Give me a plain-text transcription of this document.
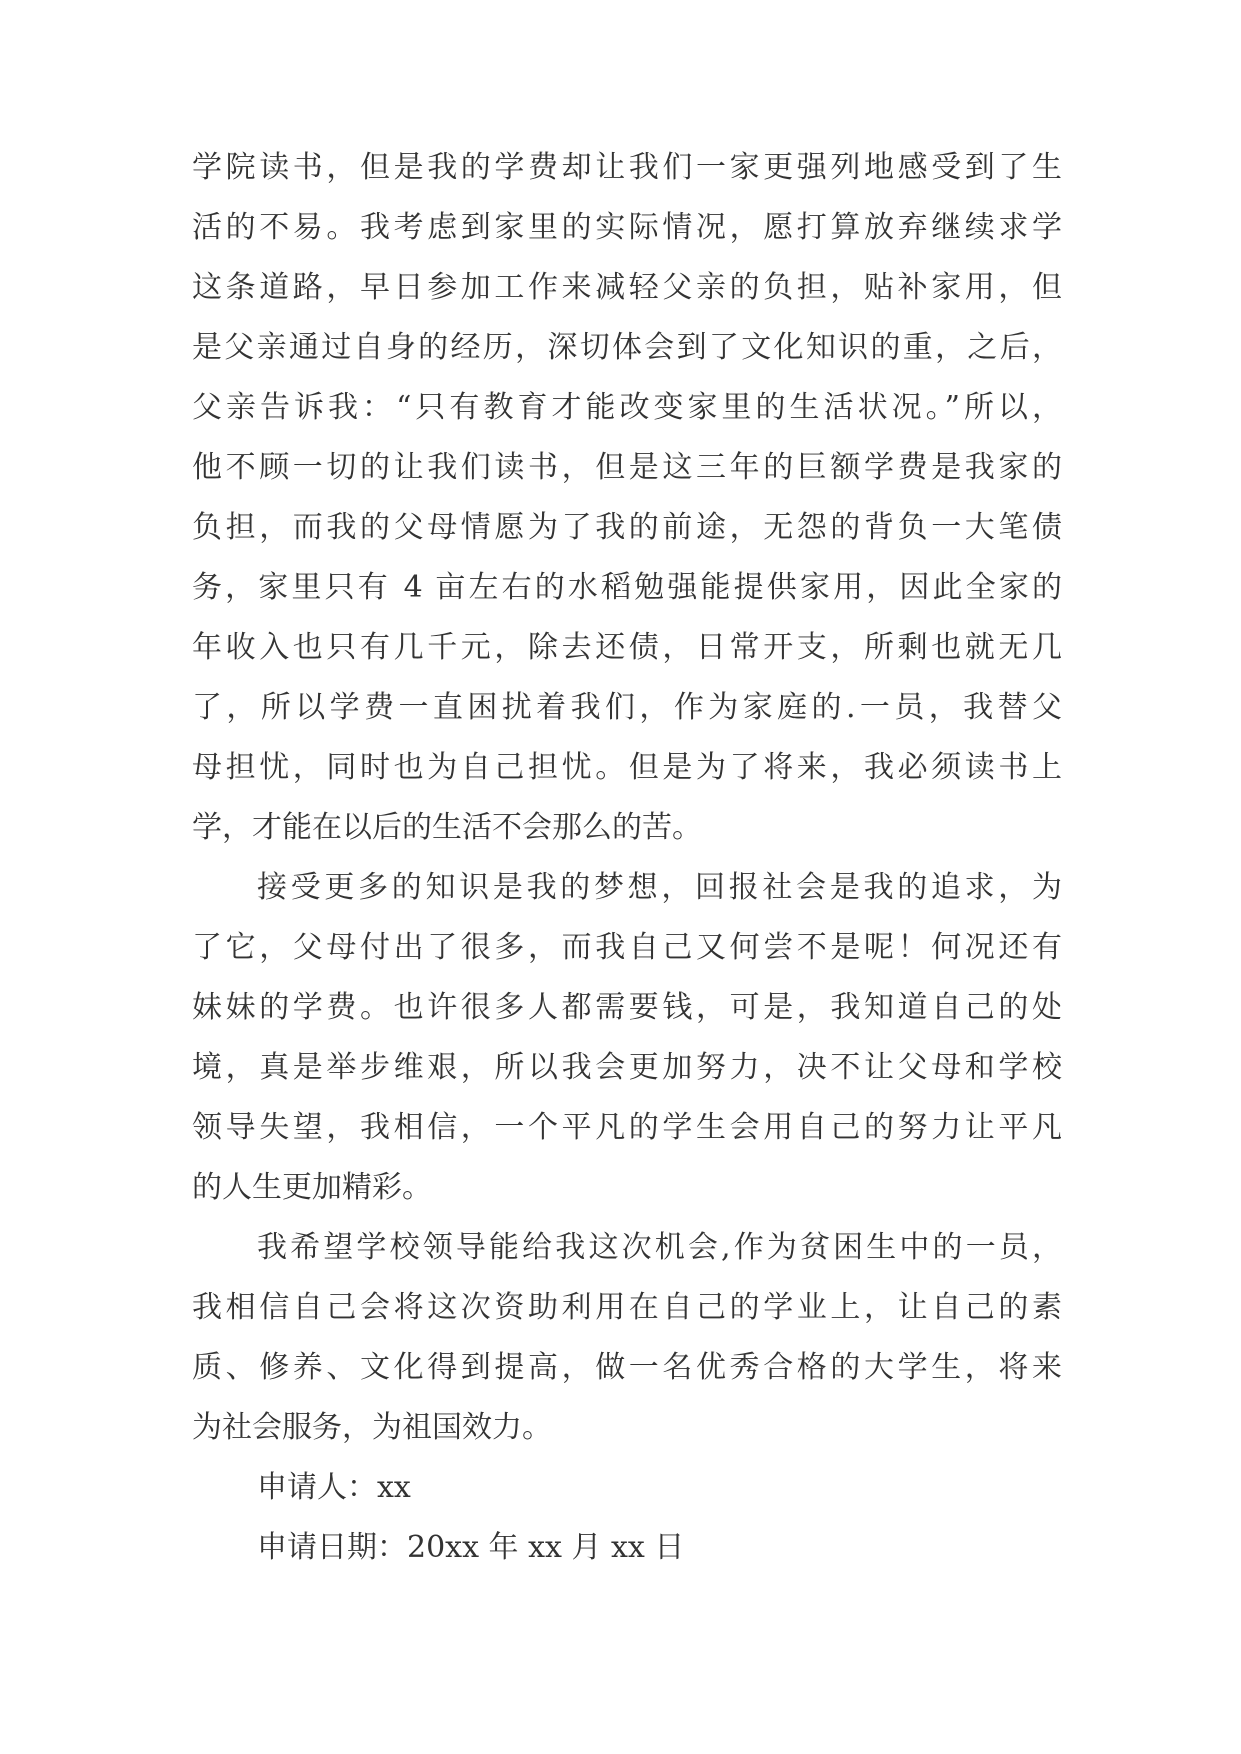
学院读书，但是我的学费却让我们一家更强列地感受到了生
活的不易。我考虑到家里的实际情况，愿打算放弃继续求学
这条道路，早日参加工作来减轻父亲的负担，贴补家用，但
是父亲通过自身的经历，深切体会到了文化知识的重，之后，
父亲告诉我：“只有教育才能改变家里的生活状况。”所以，
他不顾一切的让我们读书，但是这三年的巨额学费是我家的
负担，而我的父母情愿为了我的前途，无怨的背负一大笔债
务，家里只有 4 亩左右的水稻勉强能提供家用，因此全家的
年收入也只有几千元，除去还债，日常开支，所剩也就无几
了，所以学费一直困扰着我们，作为家庭的.一员，我替父
母担忧，同时也为自己担忧。但是为了将来，我必须读书上
学，才能在以后的生活不会那么的苦。
接受更多的知识是我的梦想，回报社会是我的追求，为
了它，父母付出了很多，而我自己又何尝不是呢！何况还有
妹妹的学费。也许很多人都需要钱，可是，我知道自己的处
境，真是举步维艰，所以我会更加努力，决不让父母和学校
领导失望，我相信，一个平凡的学生会用自己的努力让平凡
的人生更加精彩。
我希望学校领导能给我这次机会,作为贫困生中的一员，
我相信自己会将这次资助利用在自己的学业上，让自己的素
质、修养、文化得到提高，做一名优秀合格的大学生，将来
为社会服务，为祖国效力。
申请人：xx
申请日期：20xx 年 xx 月 xx 日
